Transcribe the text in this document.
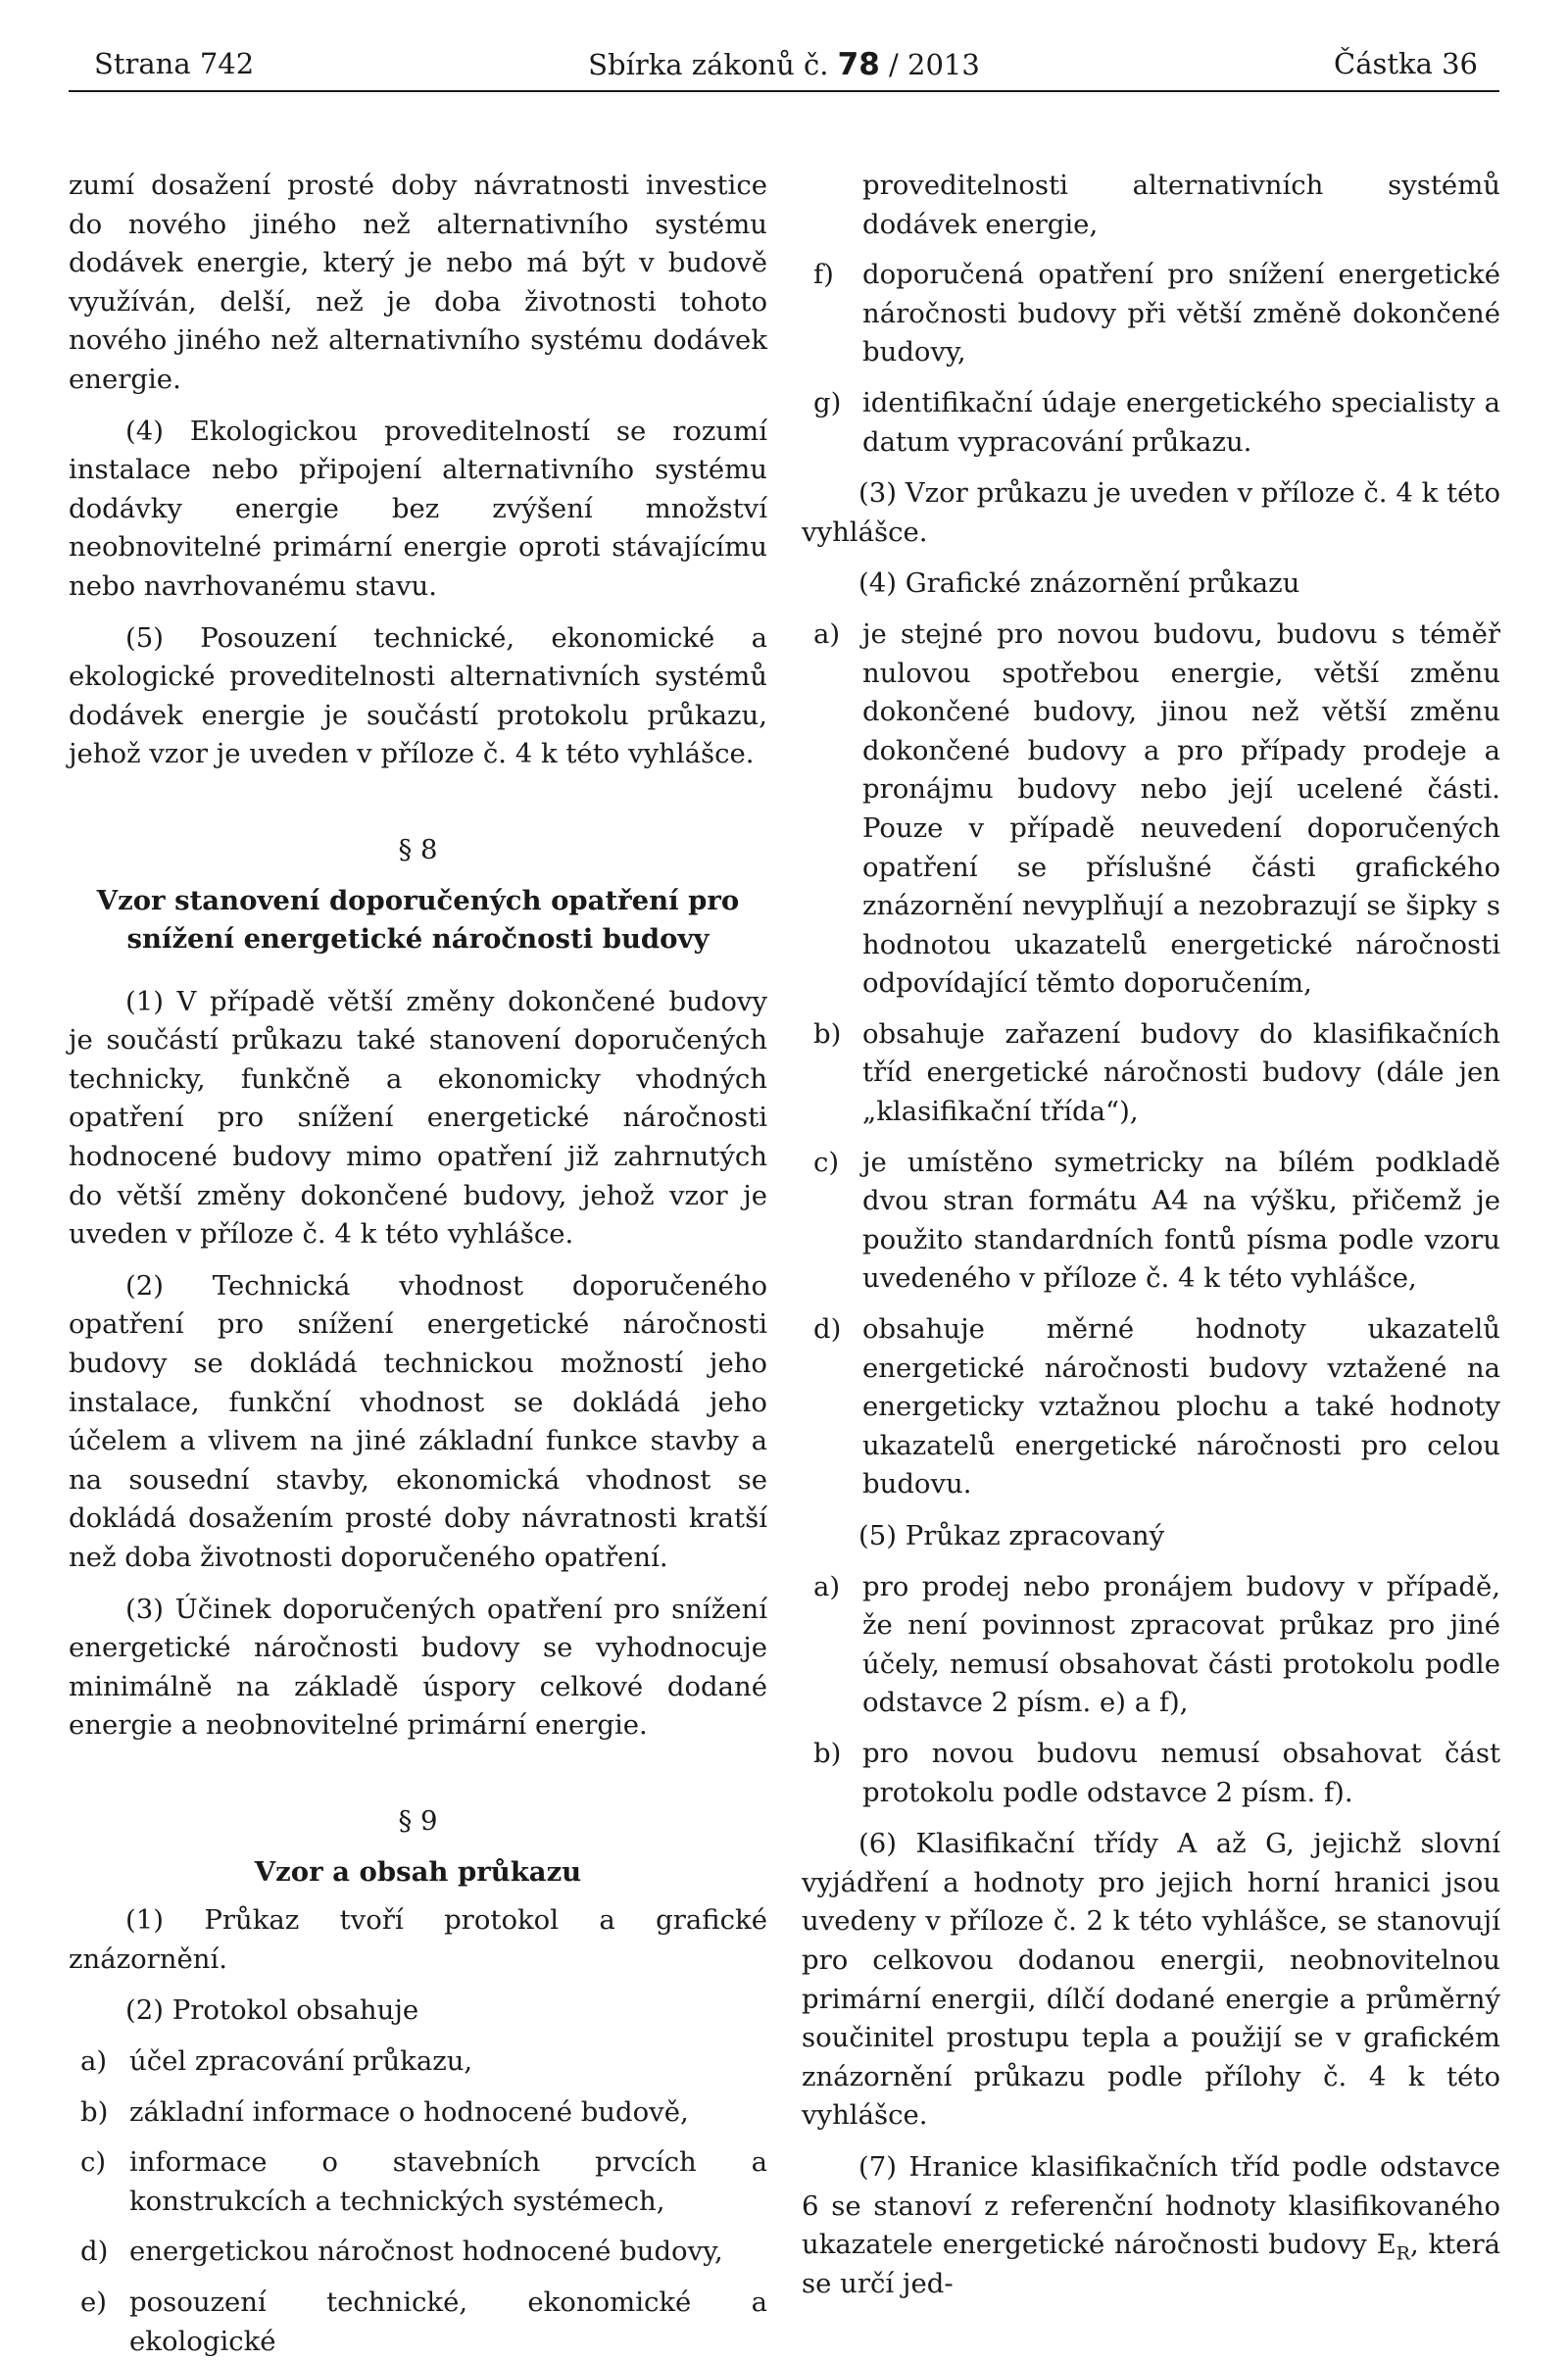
Strana 742	Sbírka zákonů č. 78 / 2013	Částka 36

zumí dosažení prosté doby návratnosti investice do nového jiného než alternativního systému dodávek energie, který je nebo má být v budově využíván, delší, než je doba životnosti tohoto nového jiného než alternativního systému dodávek energie.

(4) Ekologickou proveditelností se rozumí instalace nebo připojení alternativního systému dodávky energie bez zvýšení množství neobnovitelné primární energie oproti stávajícímu nebo navrhovanému stavu.

(5) Posouzení technické, ekonomické a ekologické proveditelnosti alternativních systémů dodávek energie je součástí protokolu průkazu, jehož vzor je uveden v příloze č. 4 k této vyhlášce.

§ 8

Vzor stanovení doporučených opatření pro snížení energetické náročnosti budovy

(1) V případě větší změny dokončené budovy je součástí průkazu také stanovení doporučených technicky, funkčně a ekonomicky vhodných opatření pro snížení energetické náročnosti hodnocené budovy mimo opatření již zahrnutých do větší změny dokončené budovy, jehož vzor je uveden v příloze č. 4 k této vyhlášce.

(2) Technická vhodnost doporučeného opatření pro snížení energetické náročnosti budovy se dokládá technickou možností jeho instalace, funkční vhodnost se dokládá jeho účelem a vlivem na jiné základní funkce stavby a na sousední stavby, ekonomická vhodnost se dokládá dosažením prosté doby návratnosti kratší než doba životnosti doporučeného opatření.

(3) Účinek doporučených opatření pro snížení energetické náročnosti budovy se vyhodnocuje minimálně na základě úspory celkové dodané energie a neobnovitelné primární energie.

§ 9

Vzor a obsah průkazu

(1) Průkaz tvoří protokol a grafické znázornění.

(2) Protokol obsahuje

a) účel zpracování průkazu,
b) základní informace o hodnocené budově,
c) informace o stavebních prvcích a konstrukcích a technických systémech,
d) energetickou náročnost hodnocené budovy,
e) posouzení technické, ekonomické a ekologické

proveditelnosti alternativních systémů dodávek energie,

f) doporučená opatření pro snížení energetické náročnosti budovy při větší změně dokončené budovy,
g) identifikační údaje energetického specialisty a datum vypracování průkazu.

(3) Vzor průkazu je uveden v příloze č. 4 k této vyhlášce.

(4) Grafické znázornění průkazu

a) je stejné pro novou budovu, budovu s téměř nulovou spotřebou energie, větší změnu dokončené budovy, jinou než větší změnu dokončené budovy a pro případy prodeje a pronájmu budovy nebo její ucelené části. Pouze v případě neuvedení doporučených opatření se příslušné části grafického znázornění nevyplňují a nezobrazují se šipky s hodnotou ukazatelů energetické náročnosti odpovídající těmto doporučením,
b) obsahuje zařazení budovy do klasifikačních tříd energetické náročnosti budovy (dále jen „klasifikační třída“),
c) je umístěno symetricky na bílém podkladě dvou stran formátu A4 na výšku, přičemž je použito standardních fontů písma podle vzoru uvedeného v příloze č. 4 k této vyhlášce,
d) obsahuje měrné hodnoty ukazatelů energetické náročnosti budovy vztažené na energeticky vztažnou plochu a také hodnoty ukazatelů energetické náročnosti pro celou budovu.

(5) Průkaz zpracovaný

a) pro prodej nebo pronájem budovy v případě, že není povinnost zpracovat průkaz pro jiné účely, nemusí obsahovat části protokolu podle odstavce 2 písm. e) a f),
b) pro novou budovu nemusí obsahovat část protokolu podle odstavce 2 písm. f).

(6) Klasifikační třídy A až G, jejichž slovní vyjádření a hodnoty pro jejich horní hranici jsou uvedeny v příloze č. 2 k této vyhlášce, se stanovují pro celkovou dodanou energii, neobnovitelnou primární energii, dílčí dodané energie a průměrný součinitel prostupu tepla a použijí se v grafickém znázornění průkazu podle přílohy č. 4 k této vyhlášce.

(7) Hranice klasifikačních tříd podle odstavce 6 se stanoví z referenční hodnoty klasifikovaného ukazatele energetické náročnosti budovy $E_R$, která se určí jed-
